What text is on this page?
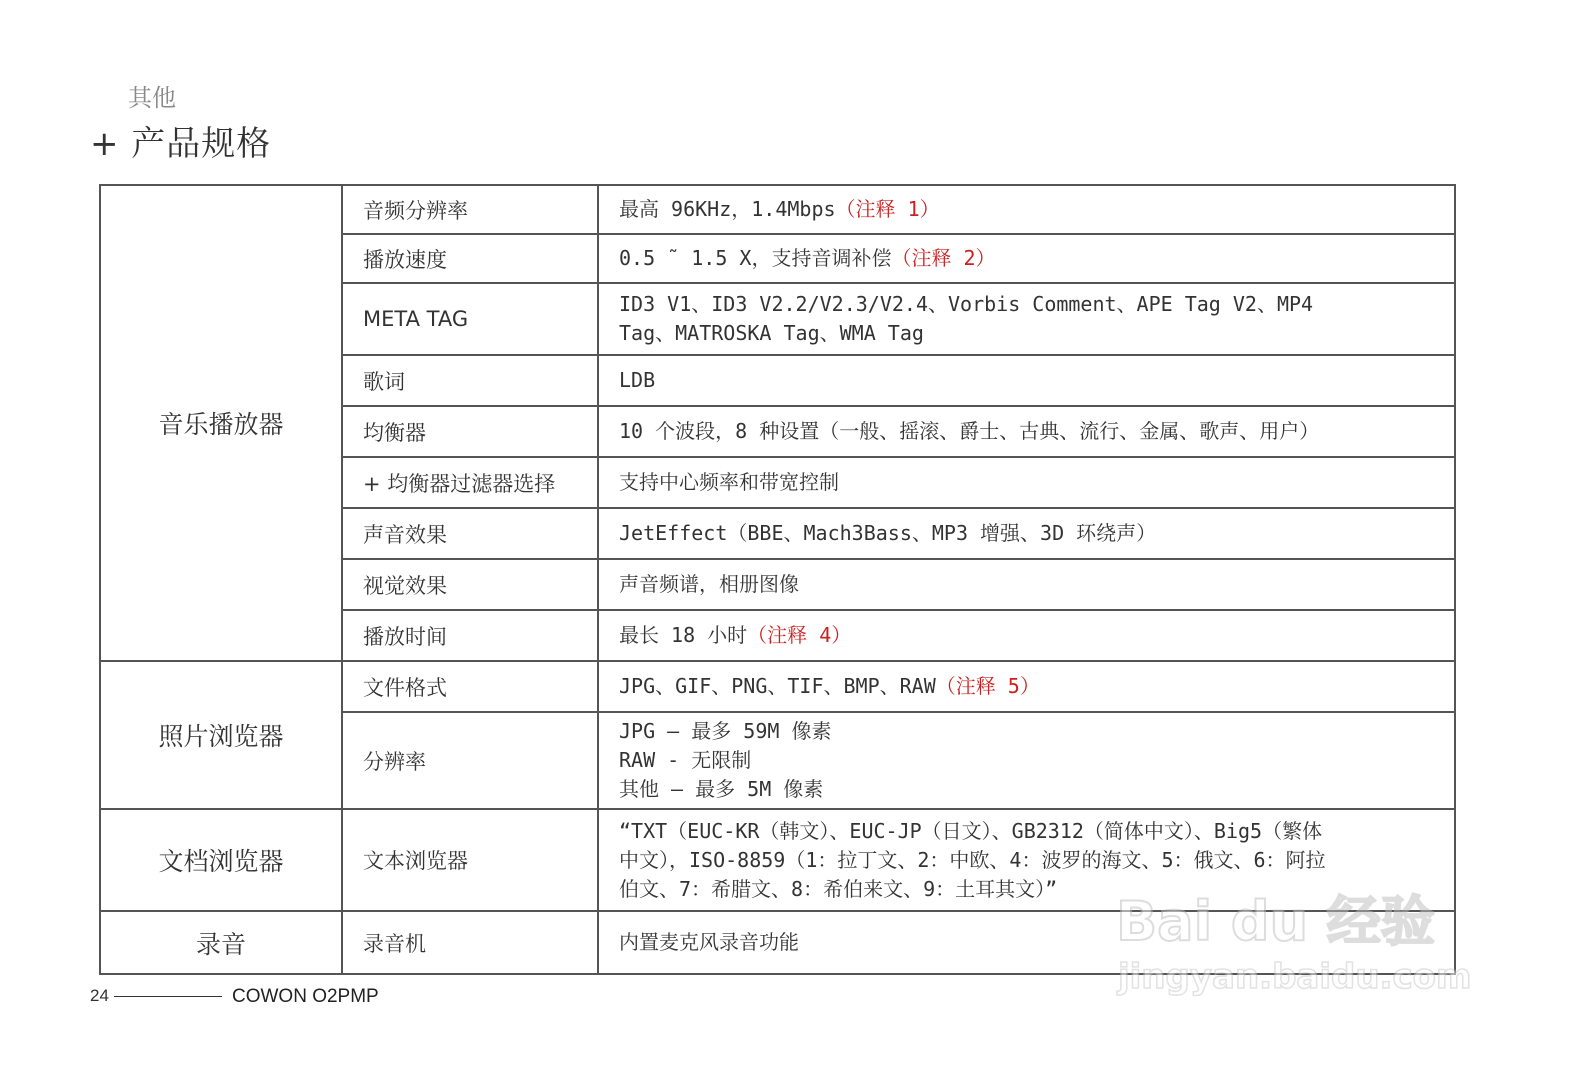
其他
+ 产品规格
音乐播放器	音频分辨率	最高 96KHz，1.4Mbps（注释 1）
	播放速度	0.5 ˜ 1.5 X，支持音调补偿（注释 2）
	META TAG	ID3 V1、ID3 V2.2/V2.3/V2.4、Vorbis Comment、APE Tag V2、MP4
Tag、MATROSKA Tag、WMA Tag

	歌词	LDB
	均衡器	10 个波段，8 种设置（一般、摇滚、爵士、古典、流行、金属、歌声、用户）
	+ 均衡器过滤器选择	支持中心频率和带宽控制
	声音效果	JetEffect（BBE、Mach3Bass、MP3 增强、3D 环绕声）
	视觉效果	声音频谱，相册图像
	播放时间	最长 18 小时（注释 4）
照片浏览器	文件格式	JPG、GIF、PNG、TIF、BMP、RAW（注释 5）
	分辨率	JPG – 最多 59M 像素
RAW - 无限制
其他 – 最多 5M 像素

文档浏览器	文本浏览器	“TXT（EUC-KR（韩文）、EUC-JP（日文）、GB2312（简体中文）、Big5（繁体
中文），ISO-8859（1：拉丁文、2：中欧、4：波罗的海文、5：俄文、6：阿拉
伯文、7：希腊文、8：希伯来文、9：土耳其文）”

录音	录音机	内置麦克风录音功能
24	COWON O2PMP
Bai du 经验
jingyan.baidu.com
